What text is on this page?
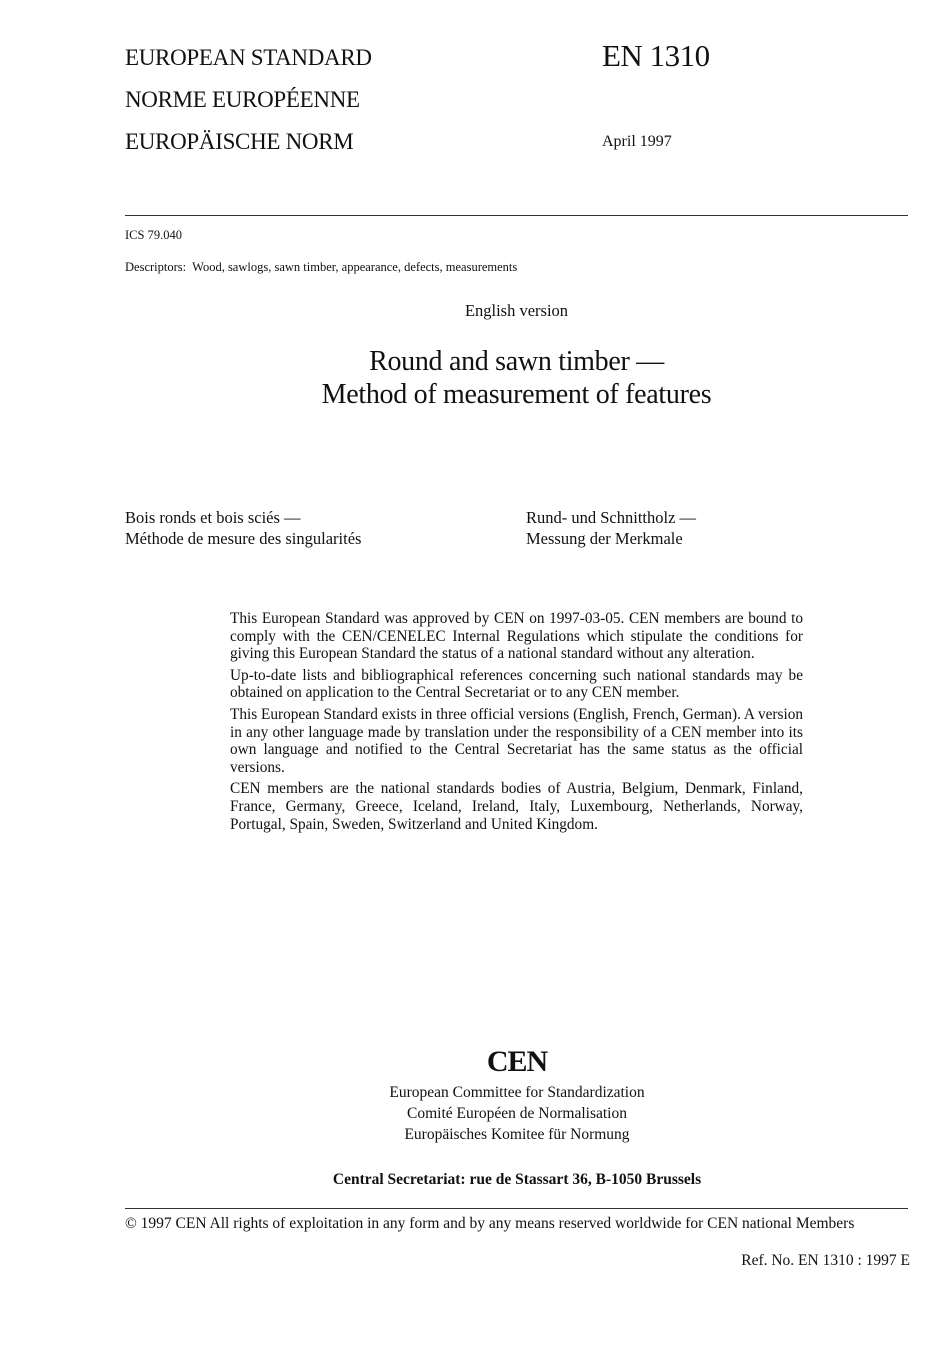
EUROPEAN STANDARD
NORME EUROPÉENNE
EUROPÄISCHE NORM
EN 1310
April 1997
ICS 79.040
Descriptors: Wood, sawlogs, sawn timber, appearance, defects, measurements
English version
Round and sawn timber —
Method of measurement of features
Bois ronds et bois sciés —
Méthode de mesure des singularités
Rund- und Schnittholz —
Messung der Merkmale

This European Standard was approved by CEN on 1997-03-05. CEN members are bound to comply with the CEN/CENELEC Internal Regulations which stipulate the conditions for giving this European Standard the status of a national standard without any alteration.

Up-to-date lists and bibliographical references concerning such national standards may be obtained on application to the Central Secretariat or to any CEN member.

This European Standard exists in three official versions (English, French, German). A version in any other language made by translation under the responsibility of a CEN member into its own language and notified to the Central Secretariat has the same status as the official versions.

CEN members are the national standards bodies of Austria, Belgium, Denmark, Finland, France, Germany, Greece, Iceland, Ireland, Italy, Luxembourg, Netherlands, Norway, Portugal, Spain, Sweden, Switzerland and United Kingdom.

CEN
European Committee for Standardization
Comité Européen de Normalisation
Europäisches Komitee für Normung
Central Secretariat: rue de Stassart 36, B-1050 Brussels
© 1997 CEN All rights of exploitation in any form and by any means reserved worldwide for CEN national Members
Ref. No. EN 1310 : 1997 E
